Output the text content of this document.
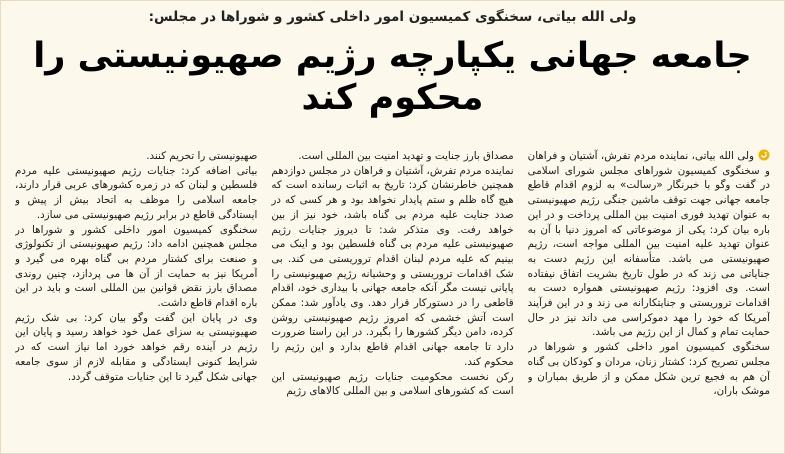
ولی الله بیاتی، سخنگوی کمیسیون امور داخلی کشور و شوراها در مجلس:
جامعه جهانی یکپارچه رژیم صهیونیستی را
محکوم کند

ولی الله بیاتی، نماینده مردم تفرش، آشتیان و فراهان و سخنگوی کمیسیون شوراهای مجلس شورای اسلامی در گفت وگو با خبرنگار «رسالت» به لزوم اقدام قاطع جامعه جهانی جهت توقف ماشین جنگی رژیم صهیونیستی به عنوان تهدید فوری امنیت بین المللی پرداخت و در این باره بیان کرد: یکی از موضوعاتی که امروز دنیا با آن به عنوان تهدید علیه امنیت بین المللی مواجه است، رژیم صهیونیستی می باشد. متأسفانه این رژیم دست به جنایاتی می زند که در طول تاریخ بشریت اتفاق نیفتاده است. وی افزود: رژیم صهیونیستی همواره دست به اقدامات تروریستی و جنایتکارانه می زند و در این فرآیند آمریکا که خود را مهد دموکراسی می داند نیز در حال حمایت تمام و کمال از این رژیم می باشد.

سخنگوی کمیسیون امور داخلی کشور و شوراها در مجلس تصریح کرد: کشتار زنان، مردان و کودکان بی گناه آن هم به فجیع ترین شکل ممکن و از طریق بمباران و موشک باران،

مصداق بارز جنایت و تهدید امنیت بین المللی است.

نماینده مردم تفرش، آشتیان و فراهان در مجلس دوازدهم همچنین خاطرنشان کرد: تاریخ به اثبات رسانده است که هیچ گاه ظلم و ستم پایدار نخواهد بود و هر کسی که در صدد جنایت علیه مردم بی گناه باشد، خود نیز از بین خواهد رفت. وی متذکر شد: تا دیروز جنایات رژیم صهیونیستی علیه مردم بی گناه فلسطین بود و اینک می بینیم که علیه مردم لبنان اقدام تروریستی می کند. بی شک اقدامات تروریستی و وحشیانه رژیم صهیونیستی را پایانی نیست مگر آنکه جامعه جهانی با بیداری خود، اقدام قاطعی را در دستورکار قرار دهد. وی یادآور شد: ممکن است آتش خشمی که امروز رژیم صهیونیستی روشن کرده، دامن دیگر کشورها را بگیرد. در این راستا ضرورت دارد تا جامعه جهانی اقدام قاطع بدارد و این رژیم را محکوم کند.

رکن نخست محکومیت جنایات رژیم صهیونیستی این است که کشورهای اسلامی و بین المللی کالاهای رژیم

صهیونیستی را تحریم کنند.

بیاتی اضافه کرد: جنایات رژیم صهیونیستی علیه مردم فلسطین و لبنان که در زمره کشورهای عربی قرار دارند، جامعه اسلامی را موظف به اتحاد بیش از پیش و ایستادگی قاطع در برابر رژیم صهیونیستی می سازد.

سخنگوی کمیسیون امور داخلی کشور و شوراها در مجلس همچنین ادامه داد: رژیم صهیونیستی از تکنولوژی و صنعت برای کشتار مردم بی گناه بهره می گیرد و آمریکا نیز به حمایت از آن ها می پردازد، چنین روندی مصداق بارز نقض قوانین بین المللی است و باید در این باره اقدام قاطع داشت.

وی در پایان این گفت وگو بیان کرد: بی شک رژیم صهیونیستی به سزای عمل خود خواهد رسید و پایان این رژیم در آینده رقم خواهد خورد اما نیاز است که در شرایط کنونی ایستادگی و مقابله لازم از سوی جامعه جهانی شکل گیرد تا این جنایات متوقف گردد.
